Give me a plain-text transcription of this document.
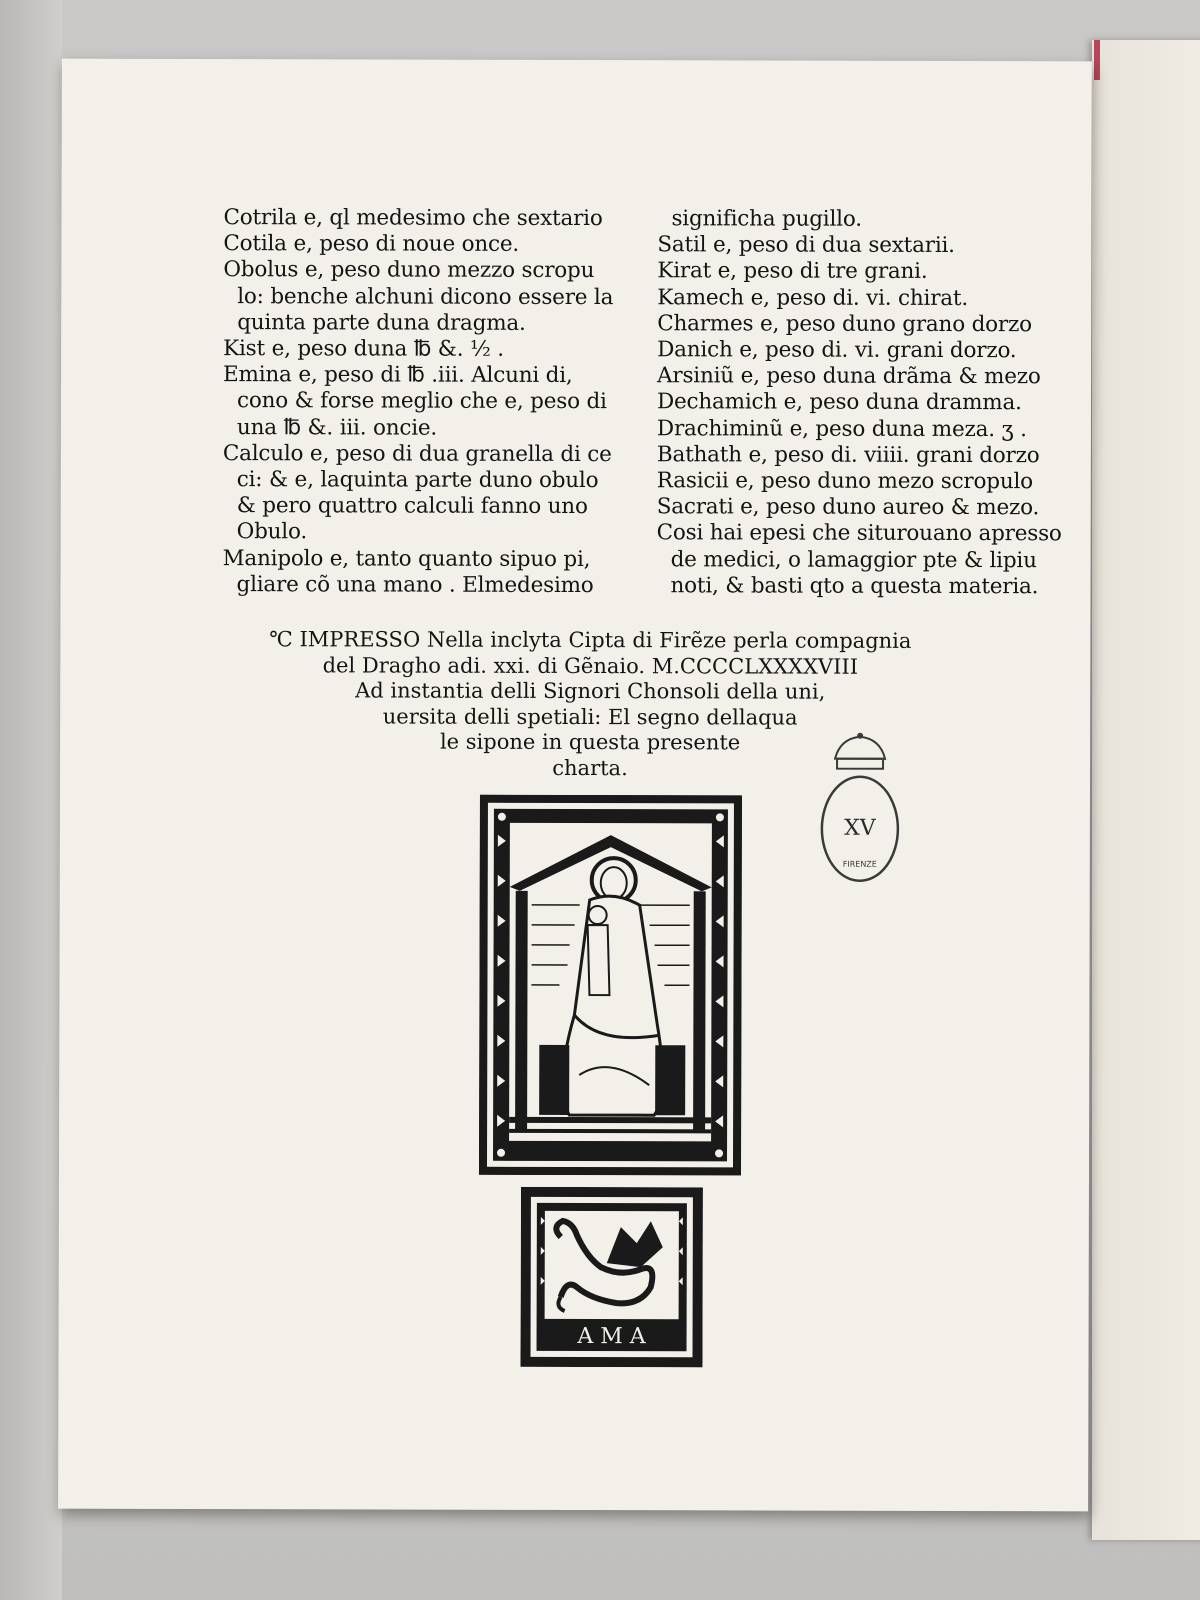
Cotrila e, ql medesimo che sextario

Cotila e, peso di noue once.

Obolus e, peso duno mezzo scropu

lo: benche alchuni dicono essere la

quinta parte duna dragma.

Kist e, peso duna ℔ &. ½ .

Emina e, peso di ℔ .iii. Alcuni di,

cono & forse meglio che e, peso di

una ℔ &. iii. oncie.

Calculo e, peso di dua granella di ce

ci: & e, laquinta parte duno obulo

& pero quattro calculi fanno uno

Obulo.

Manipolo e, tanto quanto sipuo pi,

gliare cõ una mano . Elmedesimo

significha pugillo.

Satil e, peso di dua sextarii.

Kirat e, peso di tre grani.

Kamech e, peso di. vi. chirat.

Charmes e, peso duno grano dorzo

Danich e, peso di. vi. grani dorzo.

Arsiniũ e, peso duna drãma & mezo

Dechamich e, peso duna dramma.

Drachiminũ e, peso duna meza. ʒ .

Bathath e, peso di. viiii. grani dorzo

Rasicii e, peso duno mezo scropulo

Sacrati e, peso duno aureo & mezo.

Cosi hai epesi che siturouano apresso

de medici, o lamaggior pte & lipiu

noti, & basti qto a questa materia.

℃ IMPRESSO Nella inclyta Cipta di Firẽze perla compagnia

del Dragho adi. xxi. di Gẽnaio. M.CCCCLXXXXVIII

Ad instantia delli Signori Chonsoli della uni,

uersita delli spetiali: El segno dellaqua

le sipone in questa presente

charta.

A M A
XV
FIRENZE
